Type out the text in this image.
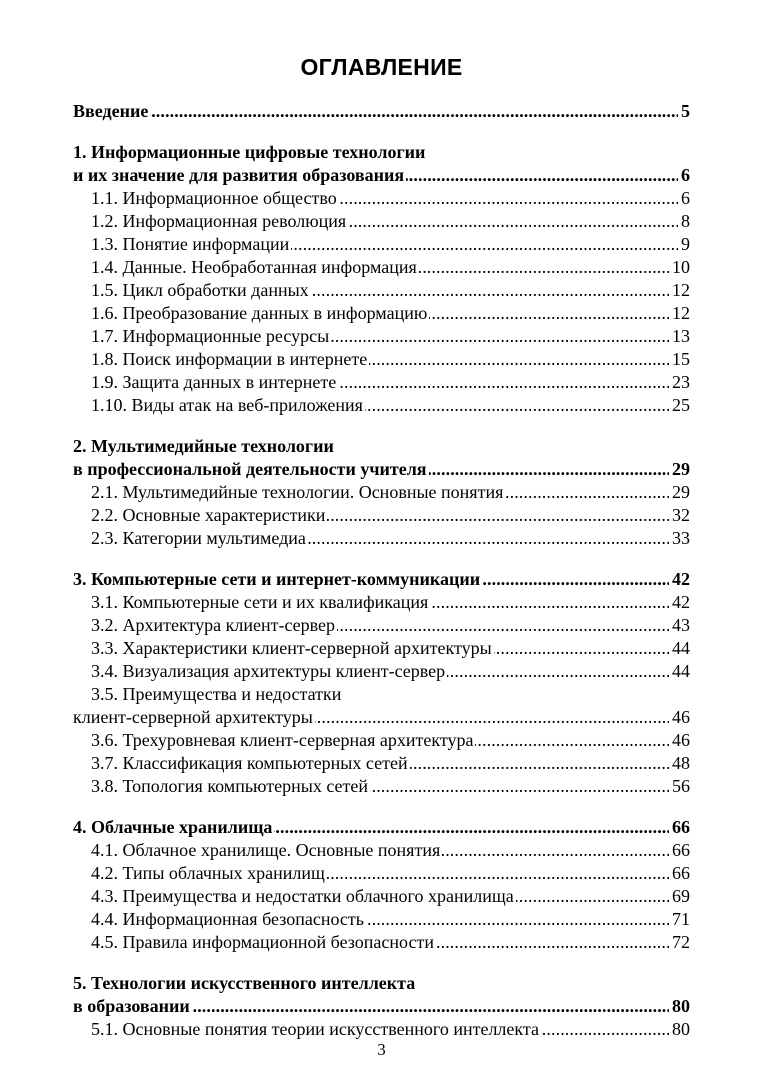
ОГЛАВЛЕНИЕ
. . .
Введение	5
1. Информационные цифровые технологии
. . .
и их значение для развития образования	6
. . .
1.1. Информационное общество	6
. . .
1.2. Информационная революция	8
. . .
1.3. Понятие информации	9
. . .
1.4. Данные. Необработанная информация	10
. . .
1.5. Цикл обработки данных	12
. . .
1.6. Преобразование данных в информацию	12
. . .
1.7. Информационные ресурсы	13
. . .
1.8. Поиск информации в интернете	15
. . .
1.9. Защита данных в интернете	23
. . .
1.10. Виды атак на веб-приложения	25
2. Мультимедийные технологии
. . .
в профессиональной деятельности учителя	29
. . .
2.1. Мультимедийные технологии. Основные понятия	29
. . .
2.2. Основные характеристики	32
. . .
2.3. Категории мультимедиа	33
. . .
3. Компьютерные сети и интернет-коммуникации	42
. . .
3.1. Компьютерные сети и их квалификация	42
. . .
3.2. Архитектура клиент-сервер	43
. . .
3.3. Характеристики клиент-серверной архитектуры	44
. . .
3.4. Визуализация архитектуры клиент-сервер	44
3.5. Преимущества и недостатки
. . .
клиент-серверной архитектуры	46
. . .
3.6. Трехуровневая клиент-серверная архитектура	46
. . .
3.7. Классификация компьютерных сетей	48
. . .
3.8. Топология компьютерных сетей	56
. . .
4. Облачные хранилища	66
. . .
4.1. Облачное хранилище. Основные понятия	66
. . .
4.2. Типы облачных хранилищ	66
. . .
4.3. Преимущества и недостатки облачного хранилища	69
. . .
4.4. Информационная безопасность	71
. . .
4.5. Правила информационной безопасности	72
5. Технологии искусственного интеллекта
. . .
в образовании	80
. . .
5.1. Основные понятия теории искусственного интеллекта	80
3
